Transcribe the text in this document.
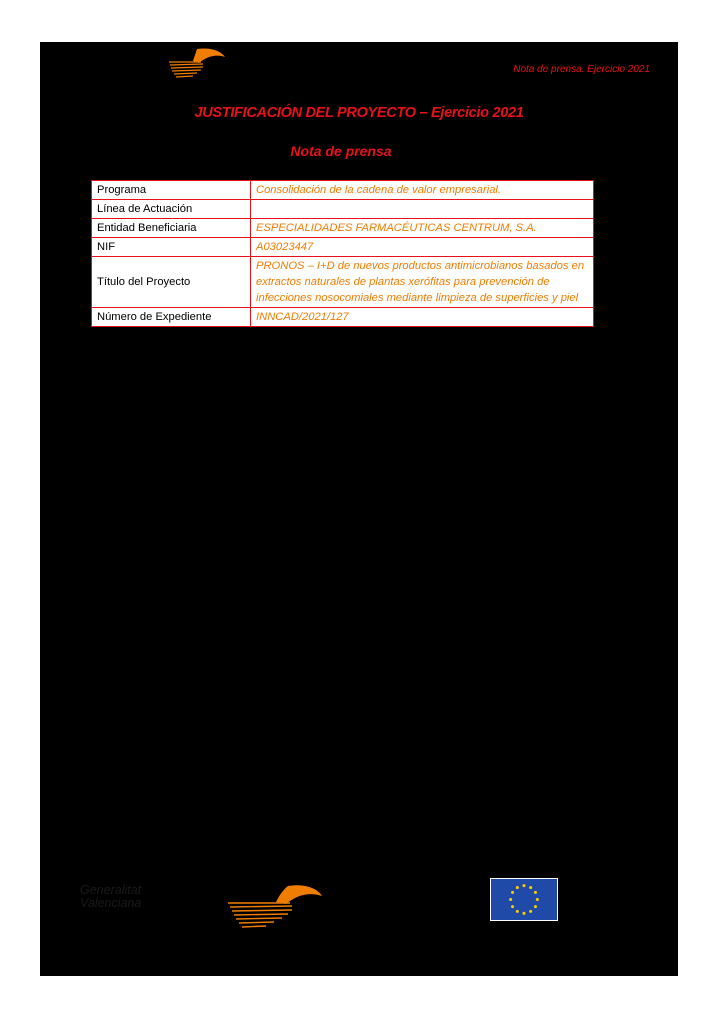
Nota de prensa. Ejercicio 2021
JUSTIFICACIÓN DEL PROYECTO – Ejercicio 2021
Nota de prensa
Programa	Consolidación de la cadena de valor empresarial.
Línea de Actuación	
Entidad Beneficiaria	ESPECIALIDADES FARMACÉUTICAS CENTRUM, S.A.
NIF	A03023447
Título del Proyecto	PRONOS – I+D de nuevos productos antimicrobianos basados en extractos naturales de plantas xerófitas para prevención de infecciones nosocomiales mediante limpieza de superficies y piel
Número de Expediente	INNCAD/2021/127
Generalitat Valenciana
